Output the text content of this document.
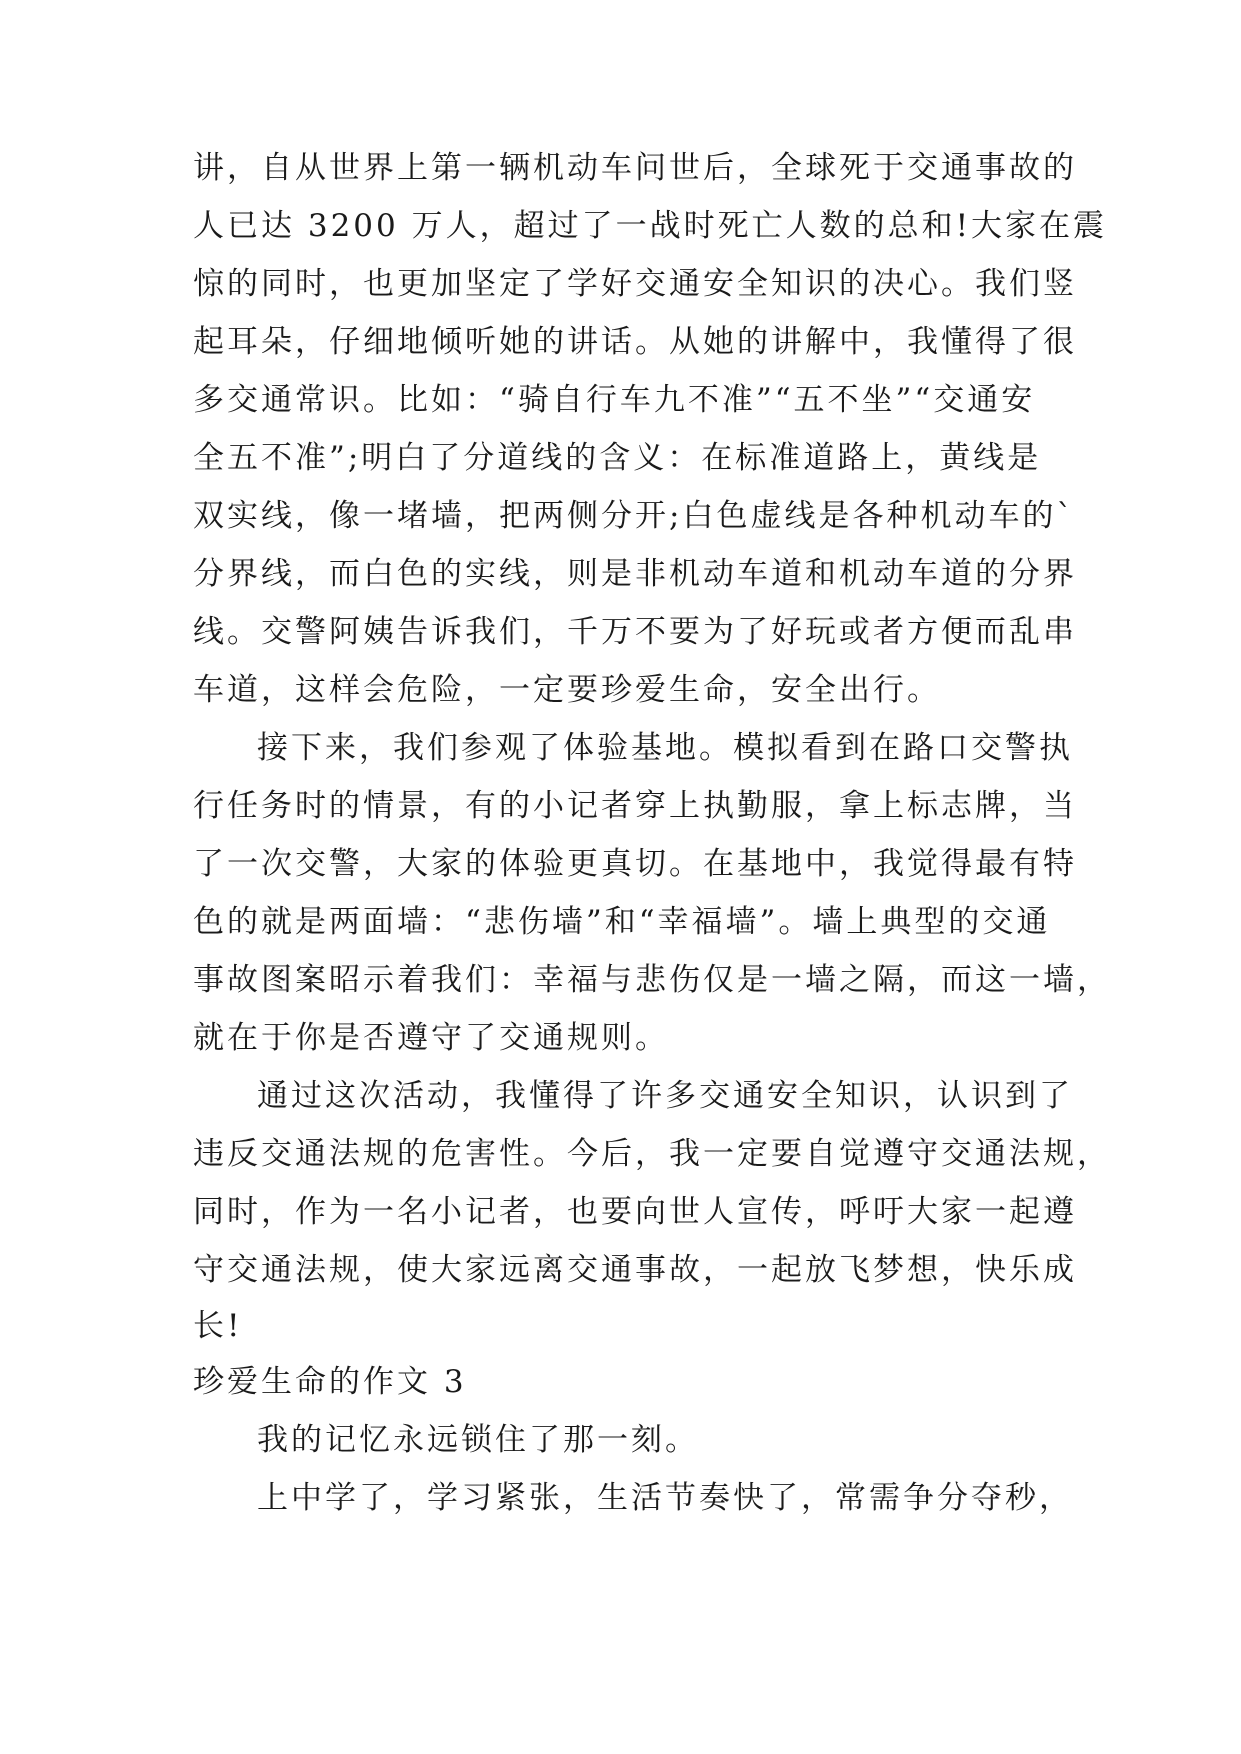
讲，自从世界上第一辆机动车问世后，全球死于交通事故的
人已达 3200 万人，超过了一战时死亡人数的总和!大家在震
惊的同时，也更加坚定了学好交通安全知识的决心。我们竖
起耳朵，仔细地倾听她的讲话。从她的讲解中，我懂得了很
多交通常识。比如：“骑自行车九不准”“五不坐”“交通安
全五不准”;明白了分道线的含义：在标准道路上，黄线是
双实线，像一堵墙，把两侧分开;白色虚线是各种机动车的`
分界线，而白色的实线，则是非机动车道和机动车道的分界
线。交警阿姨告诉我们，千万不要为了好玩或者方便而乱串
车道，这样会危险，一定要珍爱生命，安全出行。
接下来，我们参观了体验基地。模拟看到在路口交警执
行任务时的情景，有的小记者穿上执勤服，拿上标志牌，当
了一次交警，大家的体验更真切。在基地中，我觉得最有特
色的就是两面墙：“悲伤墙”和“幸福墙”。墙上典型的交通
事故图案昭示着我们：幸福与悲伤仅是一墙之隔，而这一墙，
就在于你是否遵守了交通规则。
通过这次活动，我懂得了许多交通安全知识，认识到了
违反交通法规的危害性。今后，我一定要自觉遵守交通法规，
同时，作为一名小记者，也要向世人宣传，呼吁大家一起遵
守交通法规，使大家远离交通事故，一起放飞梦想，快乐成
长!
珍爱生命的作文 3
我的记忆永远锁住了那一刻。
上中学了，学习紧张，生活节奏快了，常需争分夺秒，
